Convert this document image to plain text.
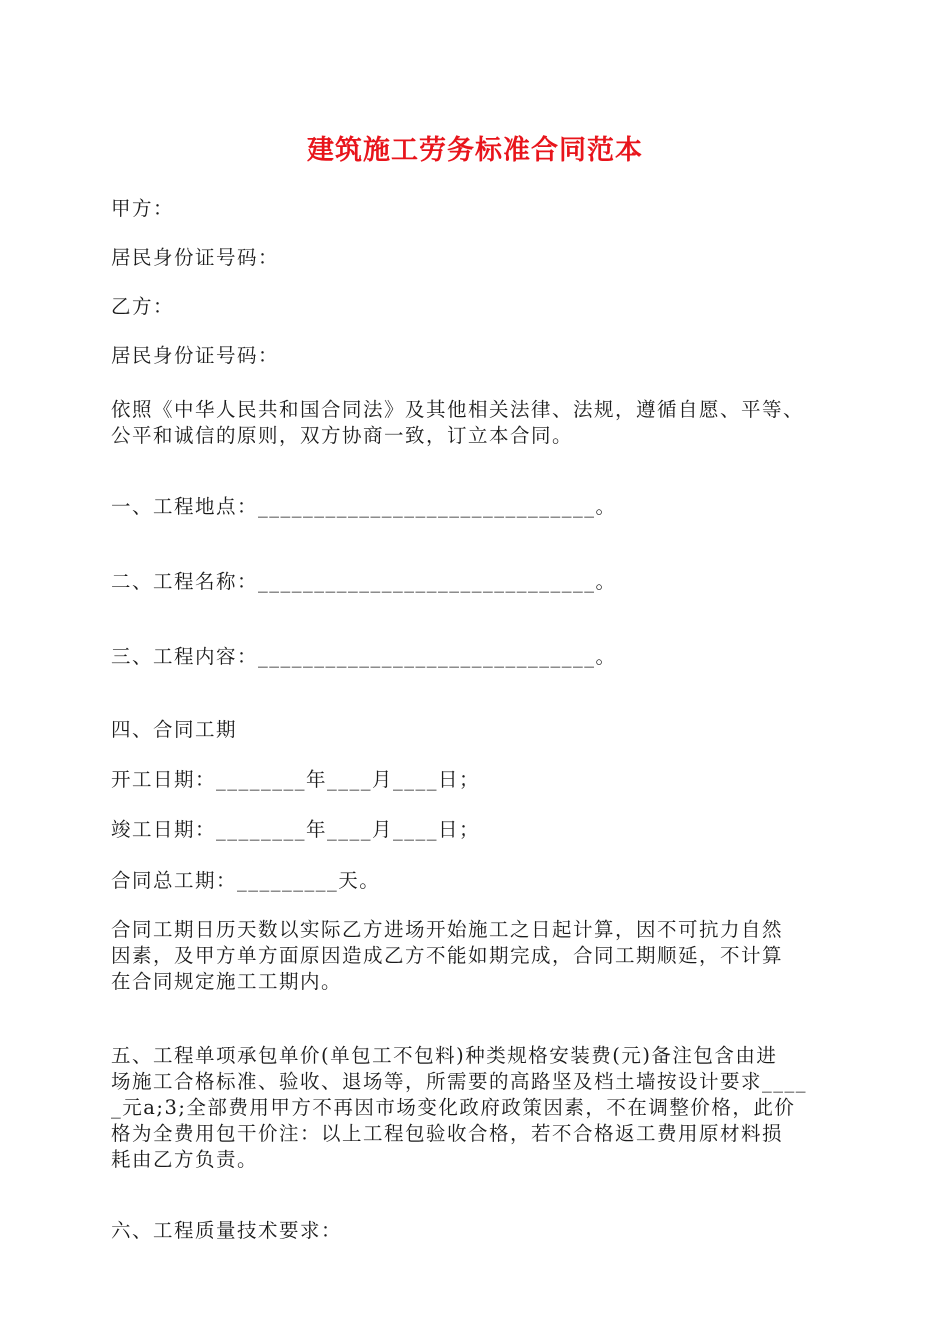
建筑施工劳务标准合同范本
甲方：
居民身份证号码：
乙方：
居民身份证号码：
依照《中华人民共和国合同法》及其他相关法律、法规，遵循自愿、平等、
公平和诚信的原则，双方协商一致，订立本合同。
一、工程地点：______________________________。
二、工程名称：______________________________。
三、工程内容：______________________________。
四、合同工期
开工日期：________年____月____日；
竣工日期：________年____月____日；
合同总工期：_________天。
合同工期日历天数以实际乙方进场开始施工之日起计算，因不可抗力自然
因素，及甲方单方面原因造成乙方不能如期完成，合同工期顺延，不计算
在合同规定施工工期内。
五、工程单项承包单价(单包工不包料)种类规格安装费(元)备注包含由进
场施工合格标准、验收、退场等，所需要的高路坚及档土墙按设计要求____
_元a;3;全部费用甲方不再因市场变化政府政策因素，不在调整价格，此价
格为全费用包干价注：以上工程包验收合格，若不合格返工费用原材料损
耗由乙方负责。
六、工程质量技术要求：
